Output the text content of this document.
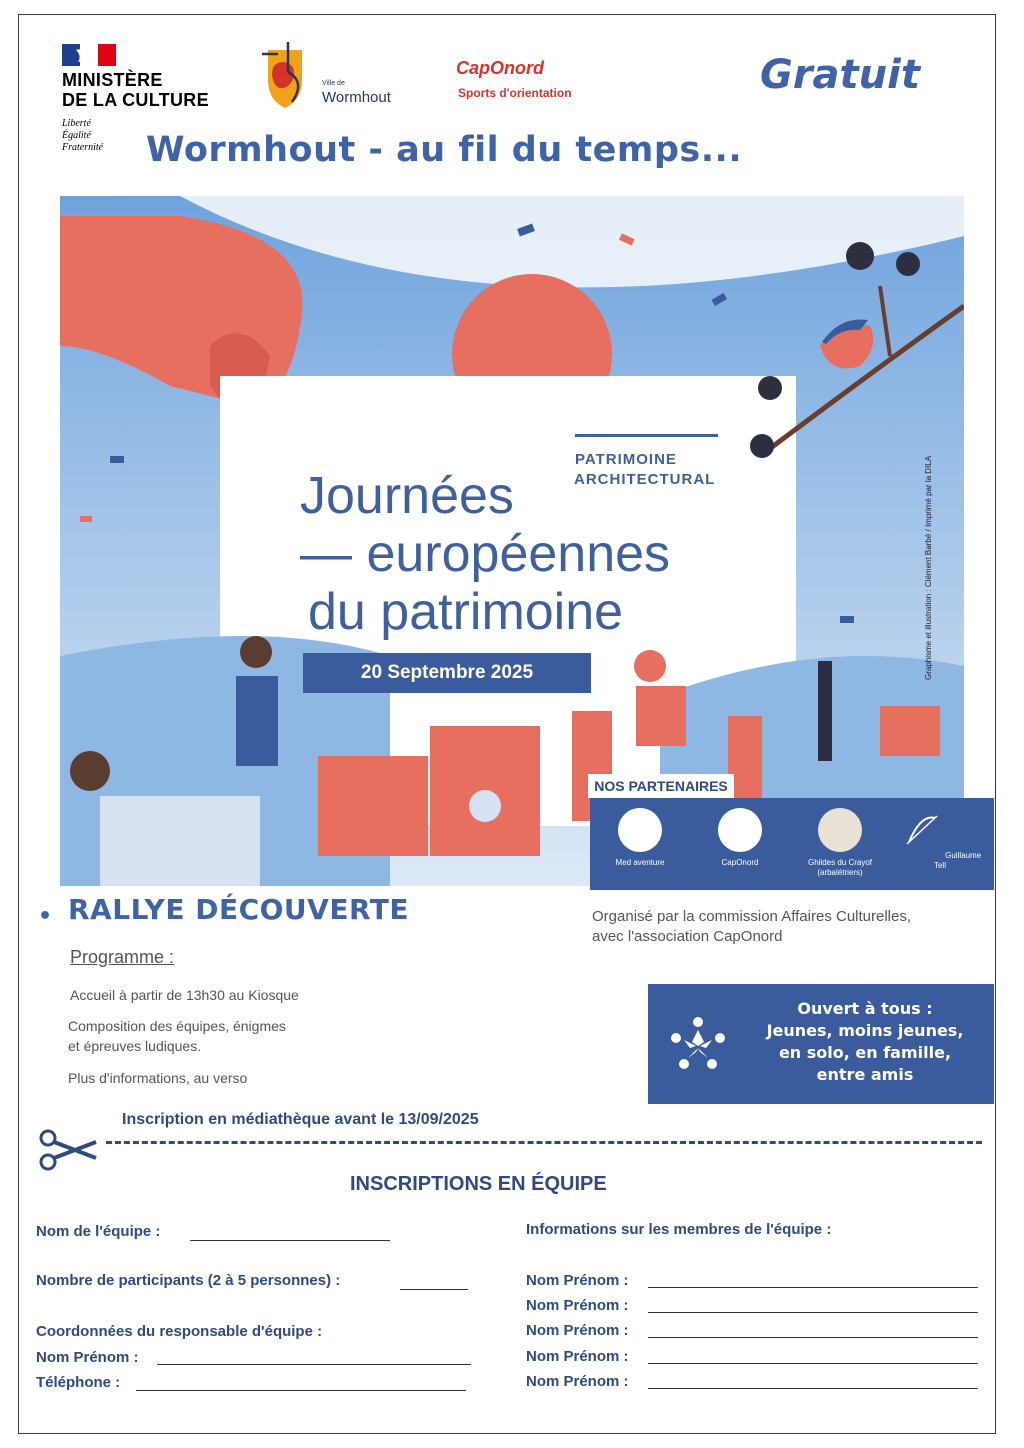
MINISTÈRE
DE LA CULTURE
Liberté
Égalité
Fraternité
Ville de
Wormhout
CapOnord
Sports d'orientation	Gratuit
Wormhout - au fil du temps...
PATRIMOINE
ARCHITECTURAL
Journées
— européennes
du patrimoine
20 Septembre 2025	Graphisme et illustration : Clément Barbé / Imprimé par la DILA
NOS PARTENAIRES
Med aventure	CapOnord	Ghildes du Crayof (arbalétriers)
Guillaume Tell
• RALLYE DÉCOUVERTE	Organisé par la commission Affaires Culturelles,
avec l'association CapOnord
Programme :
Accueil à partir de 13h30 au Kiosque
Composition des équipes, énigmes
et épreuves ludiques.
Plus d'informations, au verso
Ouvert à tous :
Jeunes, moins jeunes,
en solo, en famille,
entre amis
Inscription en médiathèque avant le 13/09/2025
INSCRIPTIONS EN ÉQUIPE
Nom de l'équipe :
Nombre de participants (2 à 5 personnes) :
Coordonnées du responsable d'équipe :
Nom Prénom :
Téléphone :
Informations sur les membres de l'équipe :
Nom Prénom :
Nom Prénom :
Nom Prénom :
Nom Prénom :
Nom Prénom :
